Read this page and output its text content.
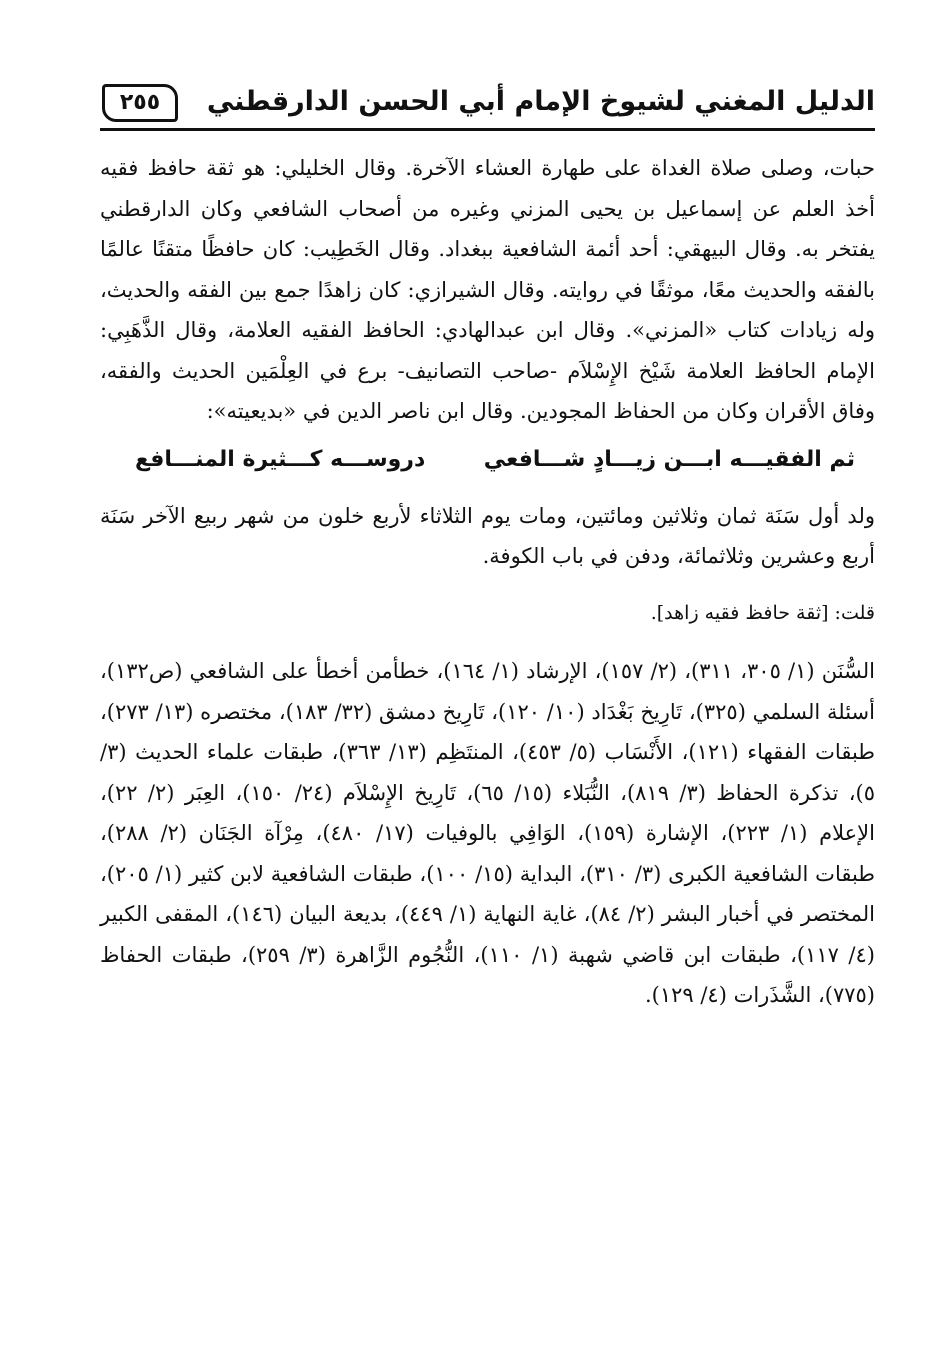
الدليل المغني لشيوخ الإمام أبي الحسن الدارقطني
٢٥٥

حبات، وصلى صلاة الغداة على طهارة العشاء الآخرة. وقال الخليلي: هو ثقة حافظ فقيه أخذ العلم عن إسماعيل بن يحيى المزني وغيره من أصحاب الشافعي وكان الدارقطني يفتخر به. وقال البيهقي: أحد أئمة الشافعية ببغداد. وقال الخَطِيب: كان حافظًا متقنًا عالمًا بالفقه والحديث معًا، موثقًا في روايته. وقال الشيرازي: كان زاهدًا جمع بين الفقه والحديث، وله زيادات كتاب «المزني». وقال ابن عبدالهادي: الحافظ الفقيه العلامة، وقال الذَّهَبِي: الإمام الحافظ العلامة شَيْخ الإِسْلاَم -صاحب التصانيف- برع في العِلْمَين الحديث والفقه، وفاق الأقران وكان من الحفاظ المجودين. وقال ابن ناصر الدين في «بديعيته»:

ثم الفقيـــه ابـــن زيـــادٍ شـــافعي
دروســـه كـــثيرة المنـــافع

ولد أول سَنَة ثمان وثلاثين ومائتين، ومات يوم الثلاثاء لأربع خلون من شهر ربيع الآخر سَنَة أربع وعشرين وثلاثمائة، ودفن في باب الكوفة.

قلت: [ثقة حافظ فقيه زاهد].

السُّنَن (١/ ٣٠٥، ٣١١)، (٢/ ١٥٧)، الإرشاد (١/ ١٦٤)، خطأمن أخطأ على الشافعي (ص١٣٢)، أسئلة السلمي (٣٢٥)، تَارِيخ بَغْدَاد (١٠/ ١٢٠)، تَارِيخ دمشق (٣٢/ ١٨٣)، مختصره (١٣/ ٢٧٣)، طبقات الفقهاء (١٢١)، الأَنْسَاب (٥/ ٤٥٣)، المنتَظِم (١٣/ ٣٦٣)، طبقات علماء الحديث (٣/ ٥)، تذكرة الحفاظ (٣/ ٨١٩)، النُّبَلاء (١٥/ ٦٥)، تَارِيخ الإِسْلاَم (٢٤/ ١٥٠)، العِبَر (٢/ ٢٢)، الإعلام (١/ ٢٢٣)، الإشارة (١٥٩)، الوَافِي بالوفيات (١٧/ ٤٨٠)، مِرْآة الجَنَان (٢/ ٢٨٨)، طبقات الشافعية الكبرى (٣/ ٣١٠)، البداية (١٥/ ١٠٠)، طبقات الشافعية لابن كثير (١/ ٢٠٥)، المختصر في أخبار البشر (٢/ ٨٤)، غاية النهاية (١/ ٤٤٩)، بديعة البيان (١٤٦)، المقفى الكبير (٤/ ١١٧)، طبقات ابن قاضي شهبة (١/ ١١٠)، النُّجُوم الزَّاهرة (٣/ ٢٥٩)، طبقات الحفاظ (٧٧٥)، الشَّذَرات (٤/ ١٢٩).
